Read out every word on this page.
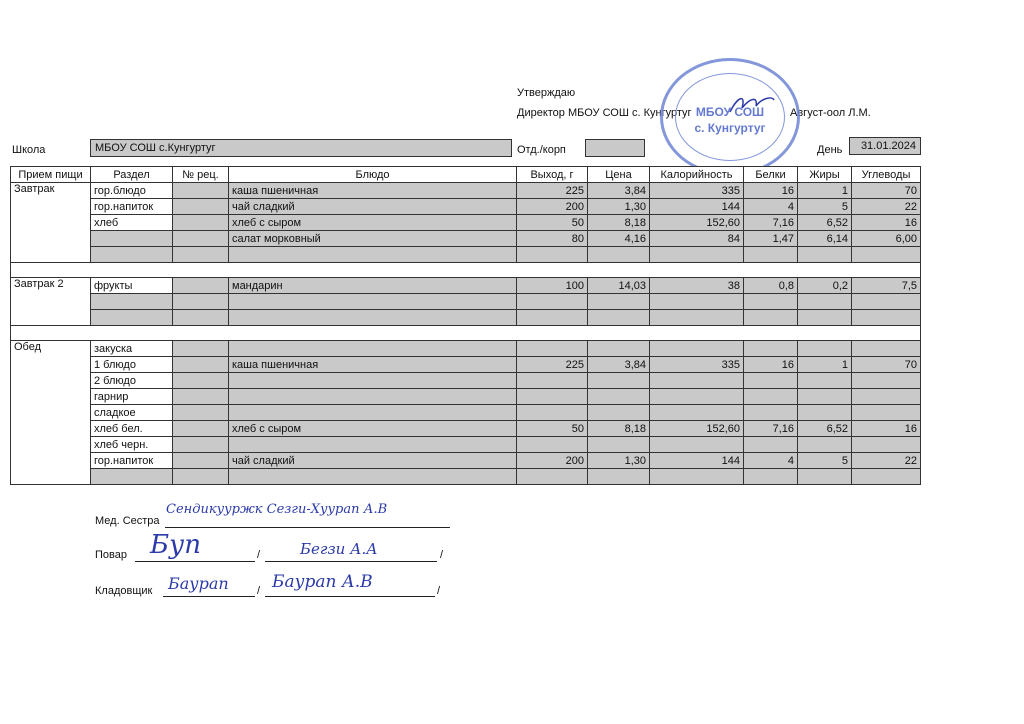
Утверждаю
Директор МБОУ СОШ с. Кунгуртуг	Август-оол Л.М.
МБОУ СОШ
с. Кунгуртуг
Школа	МБОУ СОШ с.Кунгуртуг	Отд./корп	День	31.01.2024
Прием пищи	Раздел	№ рец.	Блюдо	Выход, г	Цена	Калорийность	Белки	Жиры	Углеводы
Завтрак	гор.блюдо		каша пшеничная	225	3,84	335	16	1	70
	гор.напиток		чай сладкий	200	1,30	144	4	5	22
	хлеб		хлеб с сыром	50	8,18	152,60	7,16	6,52	16
			салат морковный	80	4,16	84	1,47	6,14	6,00

Завтрак 2	фрукты		мандарин	100	14,03	38	0,8	0,2	7,5

Обед	закуска								
	1 блюдо		каша пшеничная	225	3,84	335	16	1	70
	2 блюдо								
	гарнир								
	сладкое								
	хлеб бел.		хлеб с сыром	50	8,18	152,60	7,16	6,52	16
	хлеб черн.								
	гор.напиток		чай сладкий	200	1,30	144	4	5	22

Мед. Сестра
Сендикууржк Сезги-Хуурап А.В
Повар	/	/
Буп	Бегзи А.А
Кладовщик	/	/
Баурап	Баурап А.В
